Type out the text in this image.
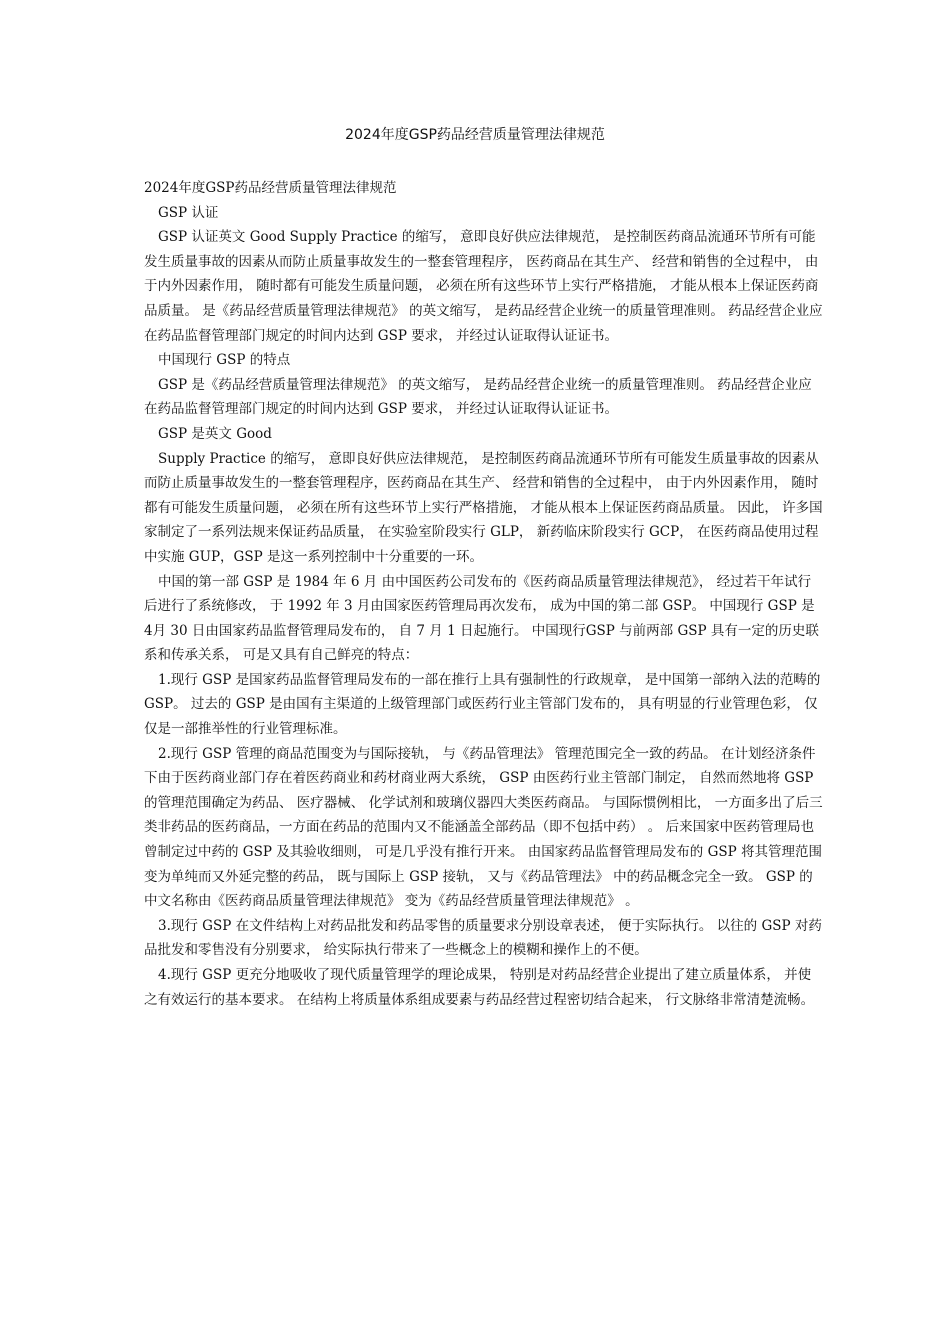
2024年度GSP药品经营质量管理法律规范

2024年度GSP药品经营质量管理法律规范

GSP 认证

GSP 认证英文 Good Supply Practice 的缩写， 意即良好供应法律规范， 是控制医药商品流通环节所有可能发生质量事故的因素从而防止质量事故发生的一整套管理程序， 医药商品在其生产、 经营和销售的全过程中， 由于内外因素作用， 随时都有可能发生质量问题， 必须在所有这些环节上实行严格措施， 才能从根本上保证医药商品质量。 是《药品经营质量管理法律规范》 的英文缩写， 是药品经营企业统一的质量管理准则。 药品经营企业应在药品监督管理部门规定的时间内达到 GSP 要求， 并经过认证取得认证证书。

中国现行 GSP 的特点

GSP 是《药品经营质量管理法律规范》 的英文缩写， 是药品经营企业统一的质量管理准则。 药品经营企业应在药品监督管理部门规定的时间内达到 GSP 要求， 并经过认证取得认证证书。

GSP 是英文 Good

Supply Practice 的缩写， 意即良好供应法律规范， 是控制医药商品流通环节所有可能发生质量事故的因素从而防止质量事故发生的一整套管理程序，医药商品在其生产、 经营和销售的全过程中， 由于内外因素作用， 随时都有可能发生质量问题， 必须在所有这些环节上实行严格措施， 才能从根本上保证医药商品质量。 因此， 许多国家制定了一系列法规来保证药品质量， 在实验室阶段实行 GLP， 新药临床阶段实行 GCP， 在医药商品使用过程中实施 GUP，GSP 是这一系列控制中十分重要的一环。

中国的第一部 GSP 是 1984 年 6 月 由中国医药公司发布的《医药商品质量管理法律规范》， 经过若干年试行后进行了系统修改， 于 1992 年 3 月由国家医药管理局再次发布， 成为中国的第二部 GSP。 中国现行 GSP 是 4月 30 日由国家药品监督管理局发布的， 自 7 月 1 日起施行。 中国现行GSP 与前两部 GSP 具有一定的历史联系和传承关系， 可是又具有自己鲜亮的特点：

1.现行 GSP 是国家药品监督管理局发布的一部在推行上具有强制性的行政规章， 是中国第一部纳入法的范畴的 GSP。 过去的 GSP 是由国有主渠道的上级管理部门或医药行业主管部门发布的， 具有明显的行业管理色彩， 仅仅是一部推举性的行业管理标准。

2.现行 GSP 管理的商品范围变为与国际接轨， 与《药品管理法》 管理范围完全一致的药品。 在计划经济条件下由于医药商业部门存在着医药商业和药材商业两大系统， GSP 由医药行业主管部门制定， 自然而然地将 GSP 的管理范围确定为药品、 医疗器械、 化学试剂和玻璃仪器四大类医药商品。 与国际惯例相比， 一方面多出了后三类非药品的医药商品，一方面在药品的范围内又不能涵盖全部药品（即不包括中药） 。 后来国家中医药管理局也曾制定过中药的 GSP 及其验收细则， 可是几乎没有推行开来。 由国家药品监督管理局发布的 GSP 将其管理范围变为单纯而又外延完整的药品， 既与国际上 GSP 接轨， 又与《药品管理法》 中的药品概念完全一致。 GSP 的中文名称由《医药商品质量管理法律规范》 变为《药品经营质量管理法律规范》 。

3.现行 GSP 在文件结构上对药品批发和药品零售的质量要求分别设章表述， 便于实际执行。 以往的 GSP 对药品批发和零售没有分别要求， 给实际执行带来了一些概念上的模糊和操作上的不便。

4.现行 GSP 更充分地吸收了现代质量管理学的理论成果， 特别是对药品经营企业提出了建立质量体系， 并使之有效运行的基本要求。 在结构上将质量体系组成要素与药品经营过程密切结合起来， 行文脉络非常清楚流畅。
